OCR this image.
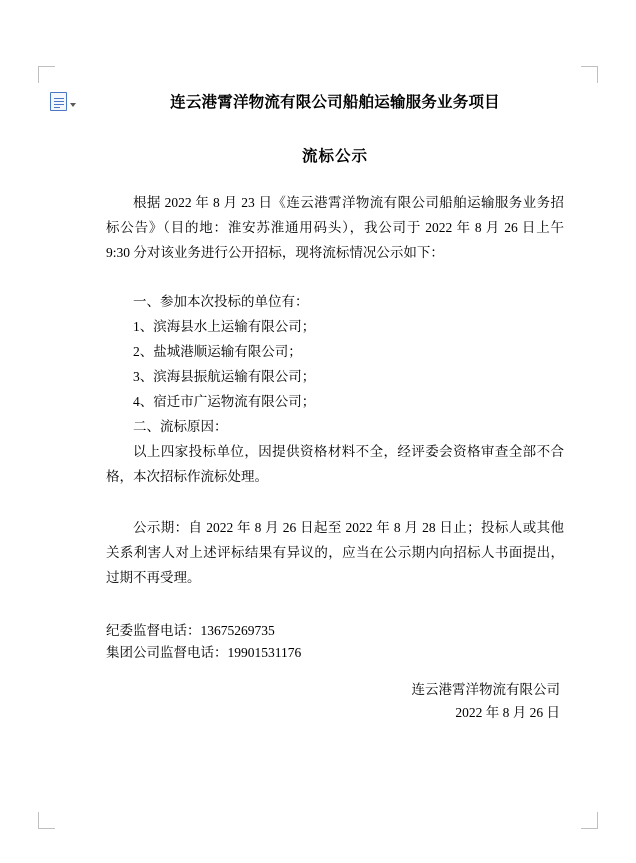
连云港霄洋物流有限公司船舶运输服务业务项目
流标公示

根据 2022 年 8 月 23 日《连云港霄洋物流有限公司船舶运输服务业务招标公告》（目的地：淮安苏淮通用码头），我公司于 2022 年 8 月 26 日上午 9:30 分对该业务进行公开招标，现将流标情况公示如下：

一、参加本次投标的单位有：

1、滨海县水上运输有限公司；

2、盐城港顺运输有限公司；

3、滨海县振航运输有限公司；

4、宿迁市广运物流有限公司；

二、流标原因：

以上四家投标单位，因提供资格材料不全，经评委会资格审查全部不合格，本次招标作流标处理。

公示期：自 2022 年 8 月 26 日起至 2022 年 8 月 28 日止；投标人或其他关系利害人对上述评标结果有异议的，应当在公示期内向招标人书面提出，过期不再受理。

纪委监督电话：13675269735
集团公司监督电话：19901531176
连云港霄洋物流有限公司
2022 年 8 月 26 日
